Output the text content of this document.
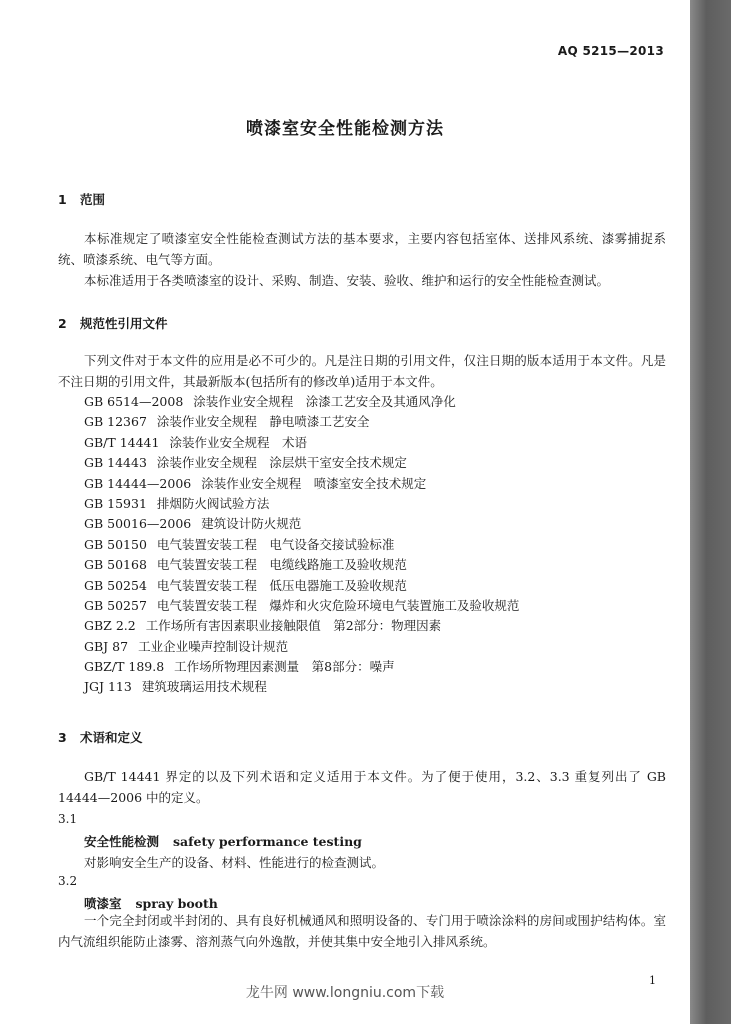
AQ 5215—2013
喷漆室安全性能检测方法
1 范围
本标准规定了喷漆室安全性能检查测试方法的基本要求，主要内容包括室体、送排风系统、漆雾捕捉系统、喷漆系统、电气等方面。
本标准适用于各类喷漆室的设计、采购、制造、安装、验收、维护和运行的安全性能检查测试。
2 规范性引用文件
下列文件对于本文件的应用是必不可少的。凡是注日期的引用文件，仅注日期的版本适用于本文件。凡是不注日期的引用文件，其最新版本(包括所有的修改单)适用于本文件。
GB 6514—2008 涂装作业安全规程　涂漆工艺安全及其通风净化
GB 12367 涂装作业安全规程　静电喷漆工艺安全
GB/T 14441 涂装作业安全规程　术语
GB 14443 涂装作业安全规程　涂层烘干室安全技术规定
GB 14444—2006 涂装作业安全规程　喷漆室安全技术规定
GB 15931 排烟防火阀试验方法
GB 50016—2006 建筑设计防火规范
GB 50150 电气装置安装工程　电气设备交接试验标准
GB 50168 电气装置安装工程　电缆线路施工及验收规范
GB 50254 电气装置安装工程　低压电器施工及验收规范
GB 50257 电气装置安装工程　爆炸和火灾危险环境电气装置施工及验收规范
GBZ 2.2 工作场所有害因素职业接触限值　第2部分：物理因素
GBJ 87 工业企业噪声控制设计规范
GBZ/T 189.8 工作场所物理因素测量　第8部分：噪声
JGJ 113 建筑玻璃运用技术规程
3 术语和定义
GB/T 14441 界定的以及下列术语和定义适用于本文件。为了便于使用，3.2、3.3 重复列出了 GB 14444—2006 中的定义。
3.1
安全性能检测 safety performance testing
对影响安全生产的设备、材料、性能进行的检查测试。
3.2
喷漆室 spray booth
一个完全封闭或半封闭的、具有良好机械通风和照明设备的、专门用于喷涂涂料的房间或围护结构体。室内气流组织能防止漆雾、溶剂蒸气向外逸散，并使其集中安全地引入排风系统。
1
龙牛网 www.longniu.com下载
